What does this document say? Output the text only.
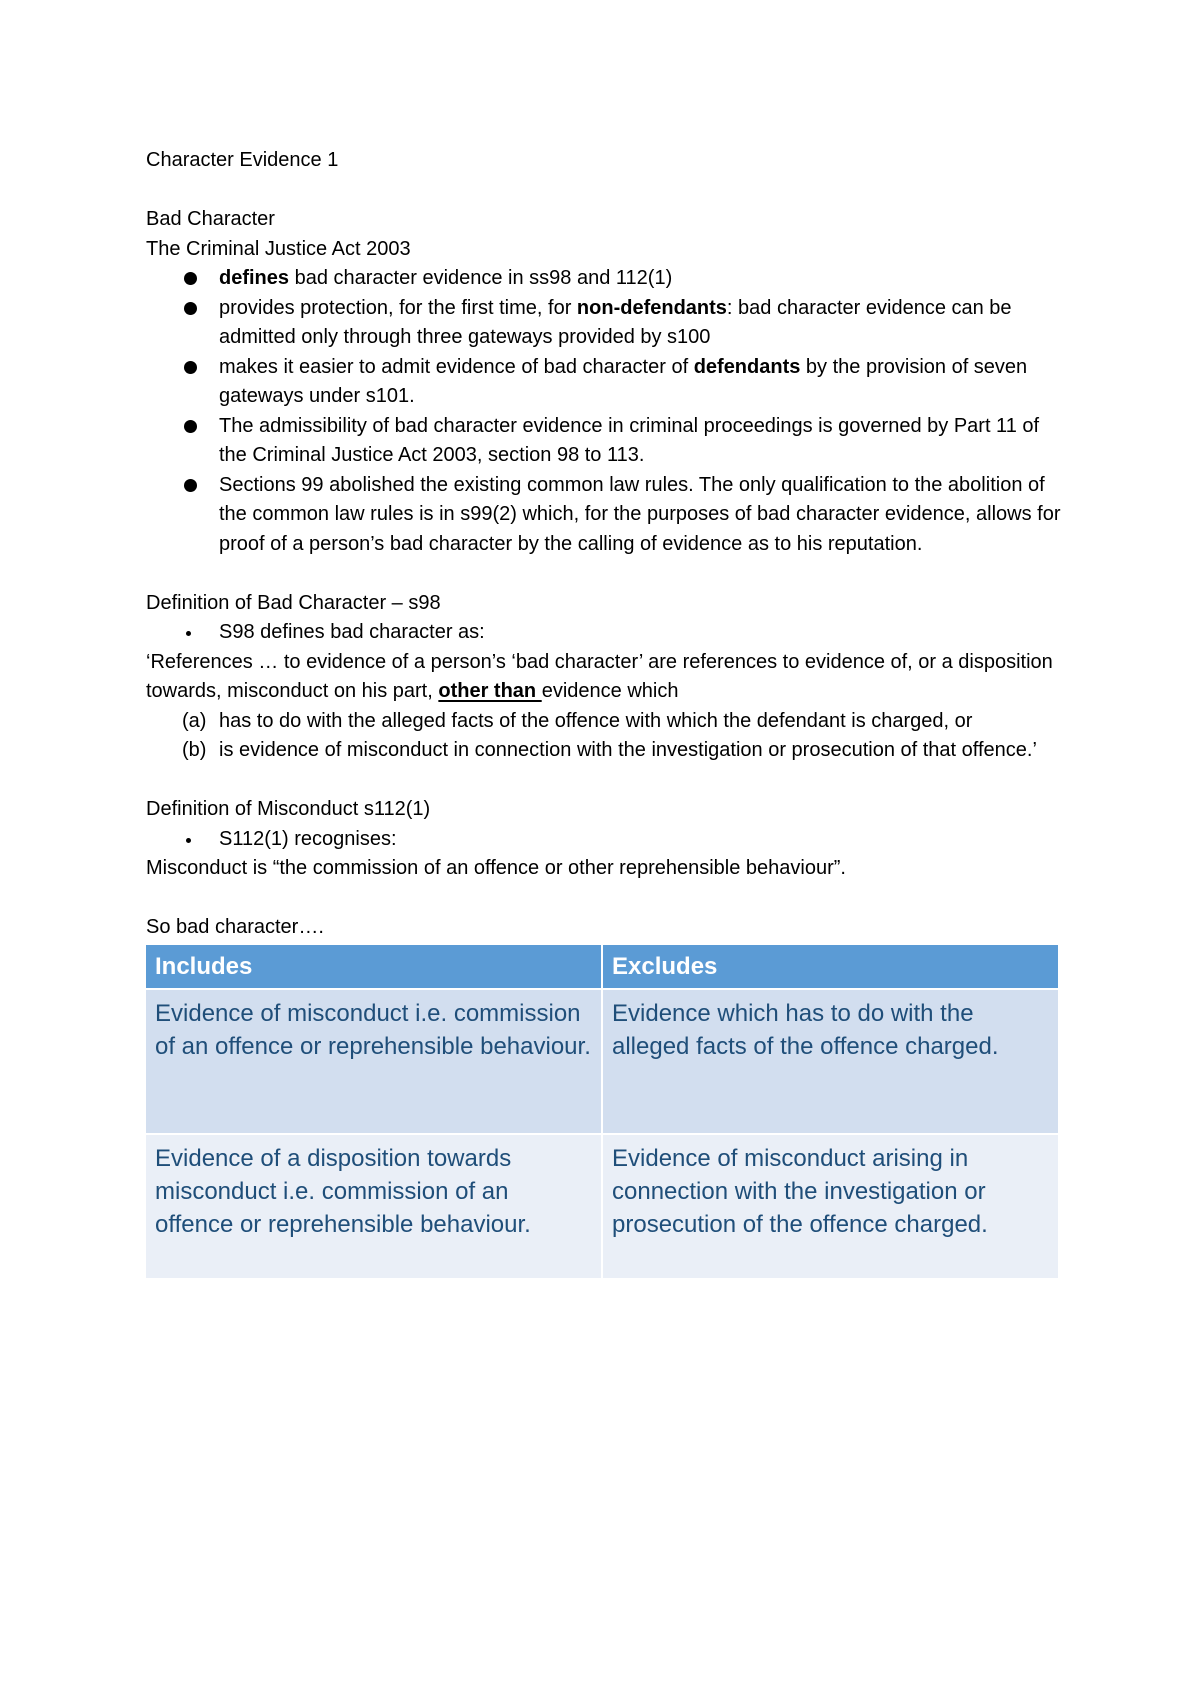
Character Evidence 1

Bad Character

The Criminal Justice Act 2003

defines bad character evidence in ss98 and 112(1)
provides protection, for the first time, for non-defendants: bad character evidence can be admitted only through three gateways provided by s100
makes it easier to admit evidence of bad character of defendants by the provision of seven gateways under s101.
The admissibility of bad character evidence in criminal proceedings is governed by Part 11 of the Criminal Justice Act 2003, section 98 to 113.
Sections 99 abolished the existing common law rules. The only qualification to the abolition of the common law rules is in s99(2) which, for the purposes of bad character evidence, allows for proof of a person’s bad character by the calling of evidence as to his reputation.

Definition of Bad Character – s98

S98 defines bad character as:

‘References … to evidence of a person’s ‘bad character’ are references to evidence of, or a disposition towards, misconduct on his part, other than evidence which

(a) has to do with the alleged facts of the offence with which the defendant is charged, or
(b) is evidence of misconduct in connection with the investigation or prosecution of that offence.’

Definition of Misconduct s112(1)

S112(1) recognises:

Misconduct is “the commission of an offence or other reprehensible behaviour”.

So bad character….

Includes	Excludes
Evidence of misconduct i.e. commission of an offence or reprehensible behaviour.	Evidence which has to do with the alleged facts of the offence charged.
Evidence of a disposition towards misconduct i.e. commission of an offence or reprehensible behaviour.	Evidence of misconduct arising in connection with the investigation or prosecution of the offence charged.
